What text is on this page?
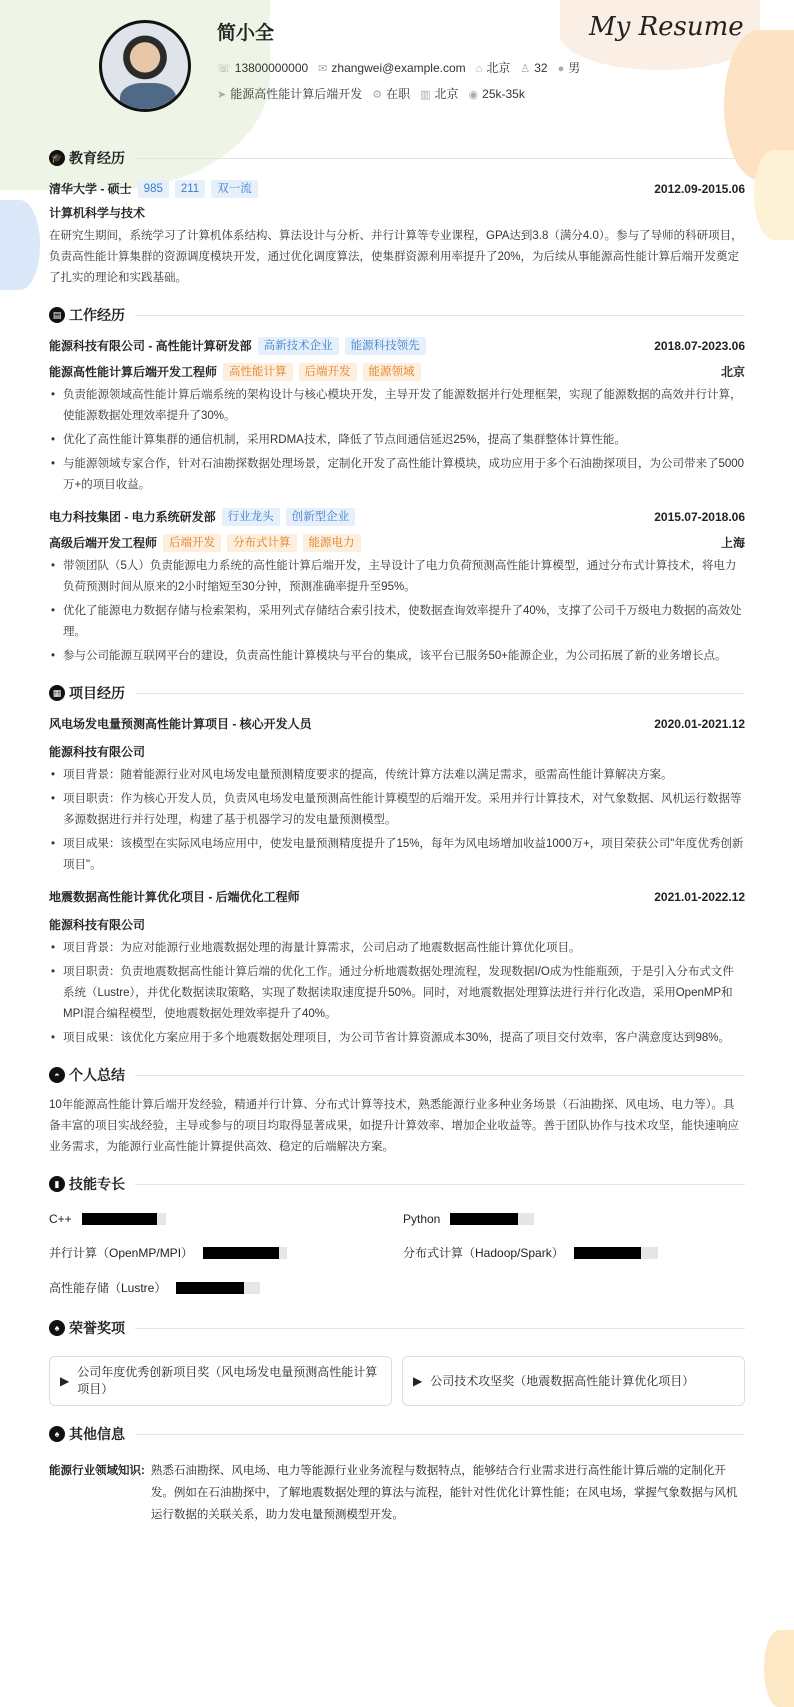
简小全	My Resume
☏ 13800000000 ✉ zhangwei@example.com ⌂ 北京 ♙ 32 ● 男
➤ 能源高性能计算后端开发 ⚙ 在职 ▥ 北京 ◉ 25k-35k
🎓 教育经历
清华大学 - 硕士	985	211	双一流	2012.09-2015.06
计算机科学与技术

在研究生期间，系统学习了计算机体系结构、算法设计与分析、并行计算等专业课程，GPA达到3.8（满分4.0）。参与了导师的科研项目，负责高性能计算集群的资源调度模块开发，通过优化调度算法，使集群资源利用率提升了20%，为后续从事能源高性能计算后端开发奠定了扎实的理论和实践基础。

▤ 工作经历
能源科技有限公司 - 高性能计算研发部	高新技术企业	能源科技领先	2018.07-2023.06
能源高性能计算后端开发工程师	高性能计算	后端开发	能源领域	北京
• 负责能源领域高性能计算后端系统的架构设计与核心模块开发，主导开发了能源数据并行处理框架，实现了能源数据的高效并行计算，使能源数据处理效率提升了30%。
• 优化了高性能计算集群的通信机制，采用RDMA技术，降低了节点间通信延迟25%，提高了集群整体计算性能。
• 与能源领域专家合作，针对石油勘探数据处理场景，定制化开发了高性能计算模块，成功应用于多个石油勘探项目，为公司带来了5000万+的项目收益。
电力科技集团 - 电力系统研发部	行业龙头	创新型企业	2015.07-2018.06
高级后端开发工程师	后端开发	分布式计算	能源电力	上海
• 带领团队（5人）负责能源电力系统的高性能计算后端开发，主导设计了电力负荷预测高性能计算模型，通过分布式计算技术，将电力负荷预测时间从原来的2小时缩短至30分钟，预测准确率提升至95%。
• 优化了能源电力数据存储与检索架构，采用列式存储结合索引技术，使数据查询效率提升了40%，支撑了公司千万级电力数据的高效处理。
• 参与公司能源互联网平台的建设，负责高性能计算模块与平台的集成，该平台已服务50+能源企业，为公司拓展了新的业务增长点。
▦ 项目经历
风电场发电量预测高性能计算项目 - 核心开发人员	2020.01-2021.12
能源科技有限公司
• 项目背景：随着能源行业对风电场发电量预测精度要求的提高，传统计算方法难以满足需求，亟需高性能计算解决方案。
• 项目职责：作为核心开发人员，负责风电场发电量预测高性能计算模型的后端开发。采用并行计算技术，对气象数据、风机运行数据等多源数据进行并行处理，构建了基于机器学习的发电量预测模型。
• 项目成果：该模型在实际风电场应用中，使发电量预测精度提升了15%，每年为风电场增加收益1000万+，项目荣获公司"年度优秀创新项目"。
地震数据高性能计算优化项目 - 后端优化工程师	2021.01-2022.12
能源科技有限公司
• 项目背景：为应对能源行业地震数据处理的海量计算需求，公司启动了地震数据高性能计算优化项目。
• 项目职责：负责地震数据高性能计算后端的优化工作。通过分析地震数据处理流程，发现数据I/O成为性能瓶颈，于是引入分布式文件系统（Lustre），并优化数据读取策略，实现了数据读取速度提升50%。同时，对地震数据处理算法进行并行化改造，采用OpenMP和MPI混合编程模型，使地震数据处理效率提升了40%。
• 项目成果：该优化方案应用于多个地震数据处理项目，为公司节省计算资源成本30%，提高了项目交付效率，客户满意度达到98%。
◓ 个人总结

10年能源高性能计算后端开发经验，精通并行计算、分布式计算等技术，熟悉能源行业多种业务场景（石油勘探、风电场、电力等）。具备丰富的项目实战经验，主导或参与的项目均取得显著成果，如提升计算效率、增加企业收益等。善于团队协作与技术攻坚，能快速响应业务需求，为能源行业高性能计算提供高效、稳定的后端解决方案。

▮ 技能专长
C++	Python
并行计算（OpenMP/MPI）	分布式计算（Hadoop/Spark）
高性能存储（Lustre）
♠ 荣誉奖项
▶
公司年度优秀创新项目奖（风电场发电量预测高性能计算项目）
▶ 公司技术攻坚奖（地震数据高性能计算优化项目）
♠ 其他信息
能源行业领域知识: 熟悉石油勘探、风电场、电力等能源行业业务流程与数据特点，能够结合行业需求进行高性能计算后端的定制化开发。例如在石油勘探中，了解地震数据处理的算法与流程，能针对性优化计算性能；在风电场，掌握气象数据与风机运行数据的关联关系，助力发电量预测模型开发。
